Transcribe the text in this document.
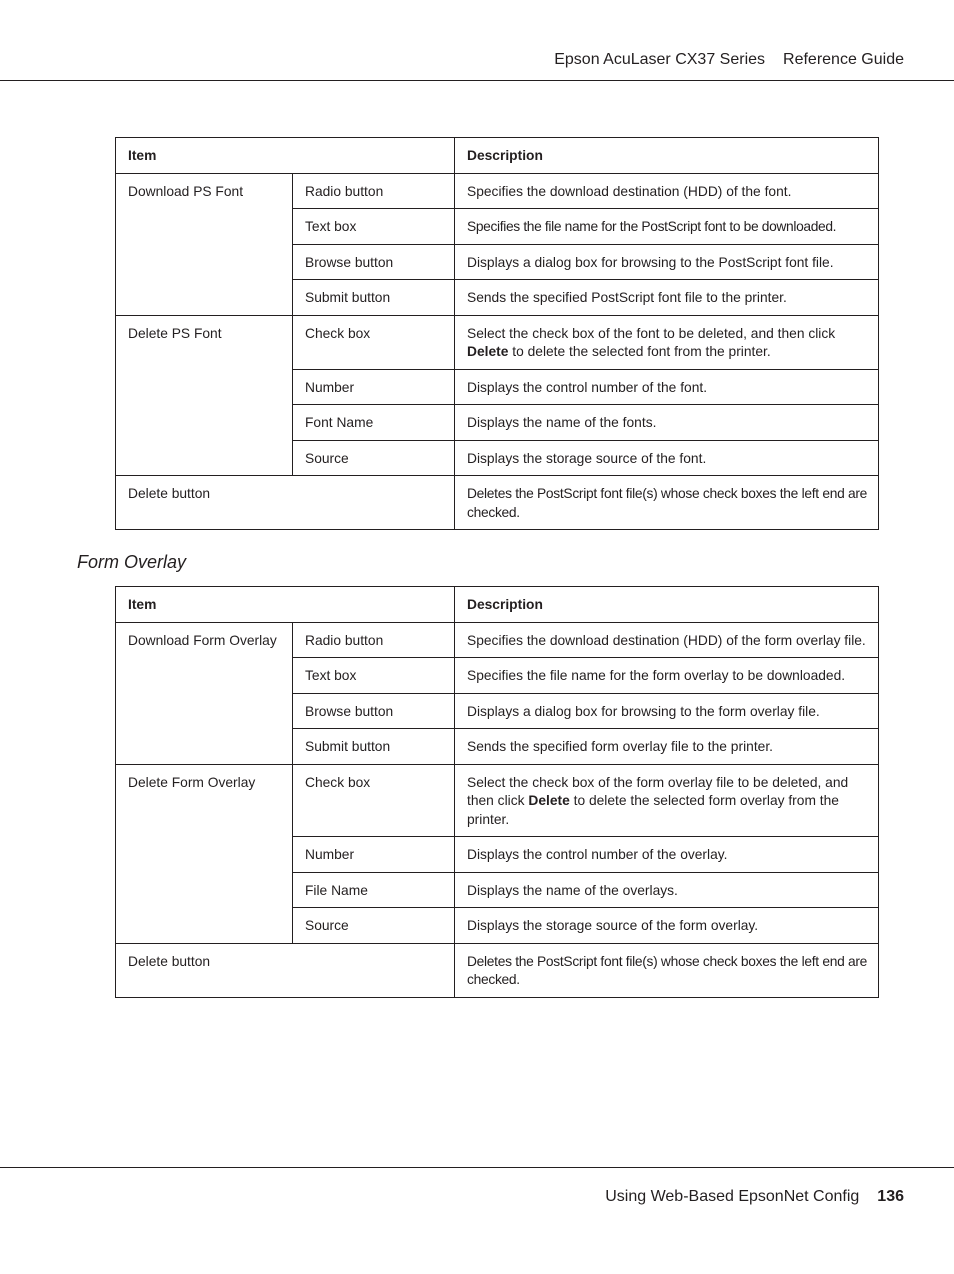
Epson AcuLaser CX37 Series Reference Guide
Item		Description
Download PS Font	Radio button	Specifies the download destination (HDD) of the font.
	Text box	Specifies the file name for the PostScript font to be downloaded.
	Browse button	Displays a dialog box for browsing to the PostScript font file.
	Submit button	Sends the specified PostScript font file to the printer.
Delete PS Font	Check box	Select the check box of the font to be deleted, and then click Delete to delete the selected font from the printer.
	Number	Displays the control number of the font.
	Font Name	Displays the name of the fonts.
	Source	Displays the storage source of the font.
Delete button		Deletes the PostScript font file(s) whose check boxes the left end are checked.
Form Overlay
Item		Description
Download Form Overlay	Radio button	Specifies the download destination (HDD) of the form overlay file.
	Text box	Specifies the file name for the form overlay to be downloaded.
	Browse button	Displays a dialog box for browsing to the form overlay file.
	Submit button	Sends the specified form overlay file to the printer.
Delete Form Overlay	Check box	Select the check box of the form overlay file to be deleted, and then click Delete to delete the selected form overlay from the printer.
	Number	Displays the control number of the overlay.
	File Name	Displays the name of the overlays.
	Source	Displays the storage source of the form overlay.
Delete button		Deletes the PostScript font file(s) whose check boxes the left end are checked.
Using Web-Based EpsonNet Config 136
